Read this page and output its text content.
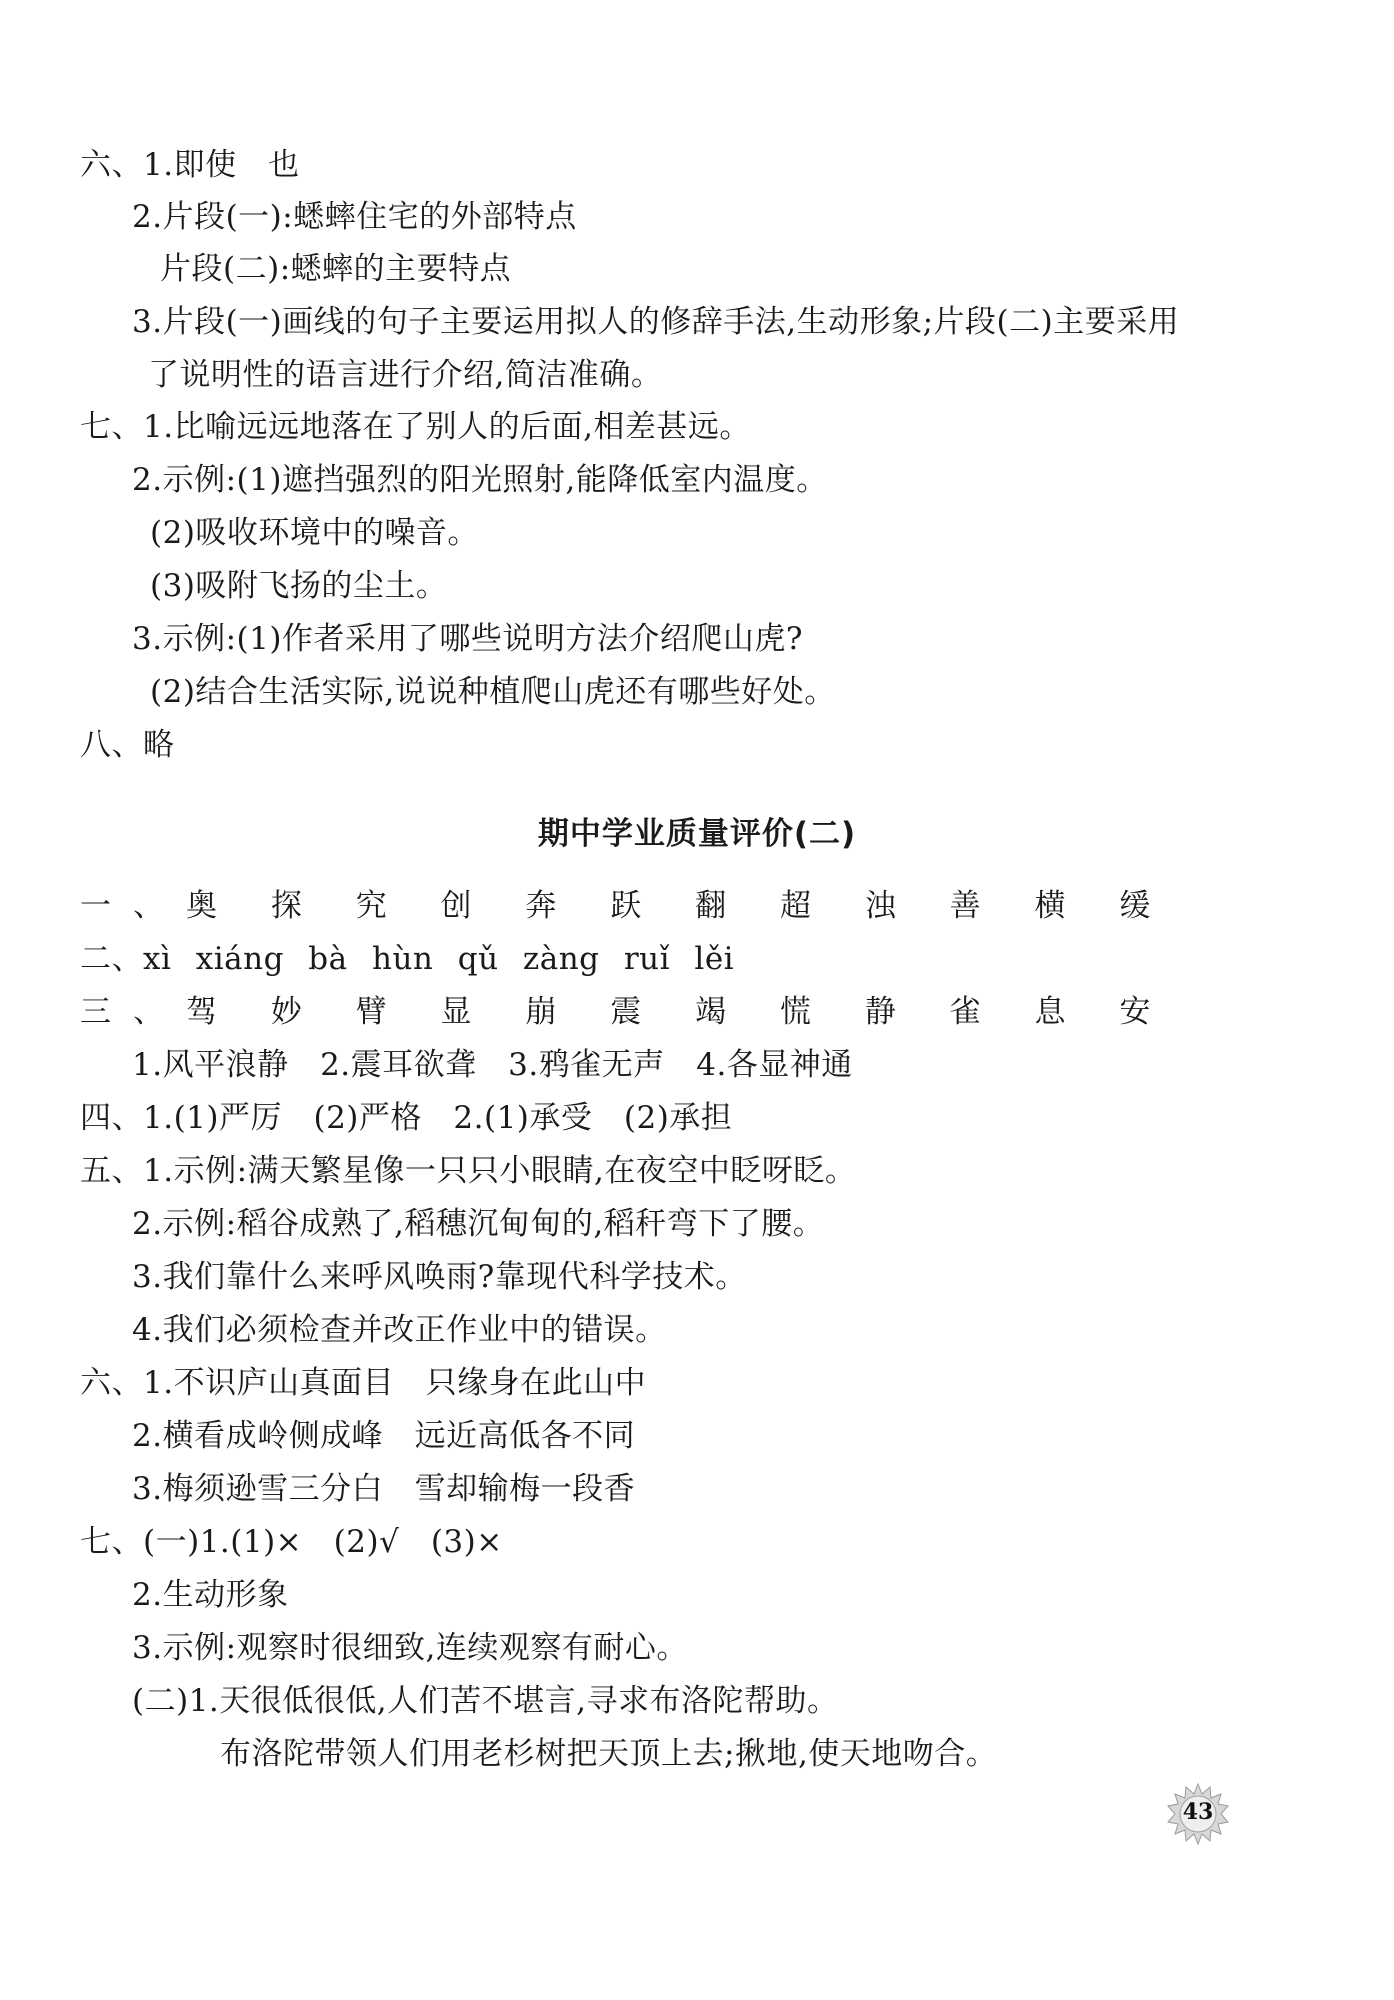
六、1.即使　也
2.片段(一):蟋蟀住宅的外部特点
片段(二):蟋蟀的主要特点
3.片段(一)画线的句子主要运用拟人的修辞手法,生动形象;片段(二)主要采用
了说明性的语言进行介绍,简洁准确。
七、1.比喻远远地落在了别人的后面,相差甚远。
2.示例:(1)遮挡强烈的阳光照射,能降低室内温度。
(2)吸收环境中的噪音。
(3)吸附飞扬的尘土。
3.示例:(1)作者采用了哪些说明方法介绍爬山虎?
(2)结合生活实际,说说种植爬山虎还有哪些好处。
八、略
期中学业质量评价(二)
一、奥 探 究 创 奔 跃 翻 超 浊 善 横 缓
二、xì xiáng bà hùn qǔ zàng ruǐ lěi
三、驾 妙 臂 显 崩 震 竭 慌 静 雀 息 安
1.风平浪静　2.震耳欲聋　3.鸦雀无声　4.各显神通
四、1.(1)严厉　(2)严格　2.(1)承受　(2)承担
五、1.示例:满天繁星像一只只小眼睛,在夜空中眨呀眨。
2.示例:稻谷成熟了,稻穗沉甸甸的,稻秆弯下了腰。
3.我们靠什么来呼风唤雨?靠现代科学技术。
4.我们必须检查并改正作业中的错误。
六、1.不识庐山真面目　只缘身在此山中
2.横看成岭侧成峰　远近高低各不同
3.梅须逊雪三分白　雪却输梅一段香
七、(一)1.(1)×　(2)√　(3)×
2.生动形象
3.示例:观察时很细致,连续观察有耐心。
(二)1.天很低很低,人们苦不堪言,寻求布洛陀帮助。
布洛陀带领人们用老杉树把天顶上去;揪地,使天地吻合。
43
